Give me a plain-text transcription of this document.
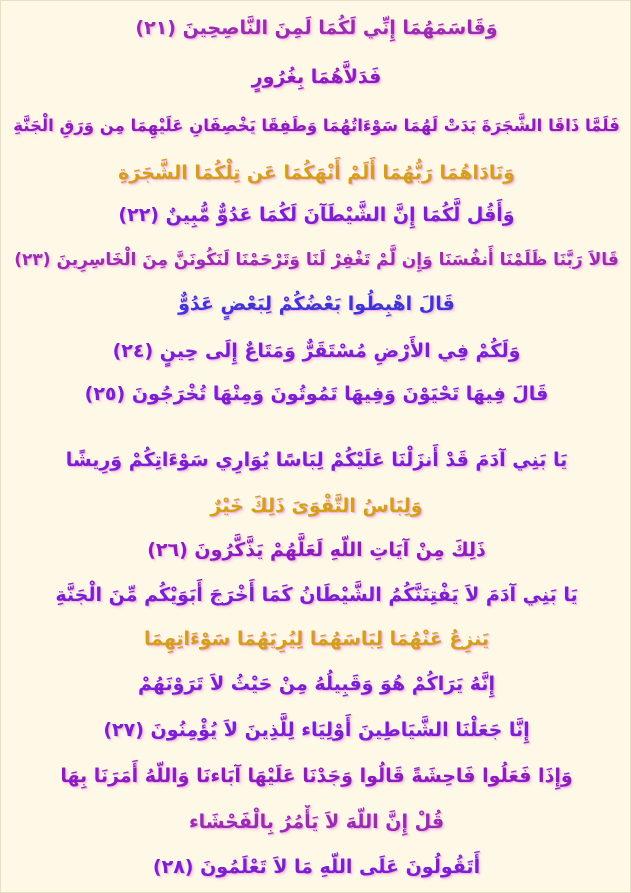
وَقَاسَمَهُمَا إِنِّي لَكُمَا لَمِنَ النَّاصِحِينَ (٢١)
فَدَلاَّهُمَا بِغُرُورٍ
فَلَمَّا ذَاقَا الشَّجَرَةَ بَدَتْ لَهُمَا سَوْءَاتُهُمَا وَطَفِقَا يَخْصِفَانِ عَلَيْهِمَا مِن وَرَقِ الْجَنَّةِ
وَنَادَاهُمَا رَبُّهُمَا أَلَمْ أَنْهَكُمَا عَن تِلْكُمَا الشَّجَرَةِ
وَأَقُل لَّكُمَا إِنَّ الشَّيْطَآنَ لَكُمَا عَدُوٌّ مُّبِينٌ (٢٢)
قَالاَ رَبَّنَا ظَلَمْنَا أَنفُسَنَا وَإِن لَّمْ تَغْفِرْ لَنَا وَتَرْحَمْنَا لَنَكُونَنَّ مِنَ الْخَاسِرِينَ (٢٣)
قَالَ اهْبِطُوا بَعْضُكُمْ لِبَعْضٍ عَدُوٌّ
وَلَكُمْ فِي الأَرْضِ مُسْتَقَرٌّ وَمَتَاعٌ إِلَى حِينٍ (٢٤)
قَالَ فِيهَا تَحْيَوْنَ وَفِيهَا تَمُوتُونَ وَمِنْهَا تُخْرَجُونَ (٢٥)
يَا بَنِي آدَمَ قَدْ أَنزَلْنَا عَلَيْكُمْ لِبَاسًا يُوَارِي سَوْءَاتِكُمْ وَرِيشًا
وَلِبَاسُ التَّقْوَىَ ذَلِكَ خَيْرٌ
ذَلِكَ مِنْ آيَاتِ اللّهِ لَعَلَّهُمْ يَذَّكَّرُونَ (٢٦)
يَا بَنِي آدَمَ لاَ يَفْتِنَنَّكُمُ الشَّيْطَانُ كَمَا أَخْرَجَ أَبَوَيْكُم مِّنَ الْجَنَّةِ
يَنزِعُ عَنْهُمَا لِبَاسَهُمَا لِيُرِيَهُمَا سَوْءَاتِهِمَا
إِنَّهُ يَرَاكُمْ هُوَ وَقَبِيلُهُ مِنْ حَيْثُ لاَ تَرَوْنَهُمْ
إِنَّا جَعَلْنَا الشَّيَاطِينَ أَوْلِيَاء لِلَّذِينَ لاَ يُؤْمِنُونَ (٢٧)
وَإِذَا فَعَلُوا فَاحِشَةً قَالُوا وَجَدْنَا عَلَيْهَا آبَاءنَا وَاللّهُ أَمَرَنَا بِهَا
قُلْ إِنَّ اللّهَ لاَ يَأْمُرُ بِالْفَحْشَاء
أَتَقُولُونَ عَلَى اللّهِ مَا لاَ تَعْلَمُونَ (٢٨)
